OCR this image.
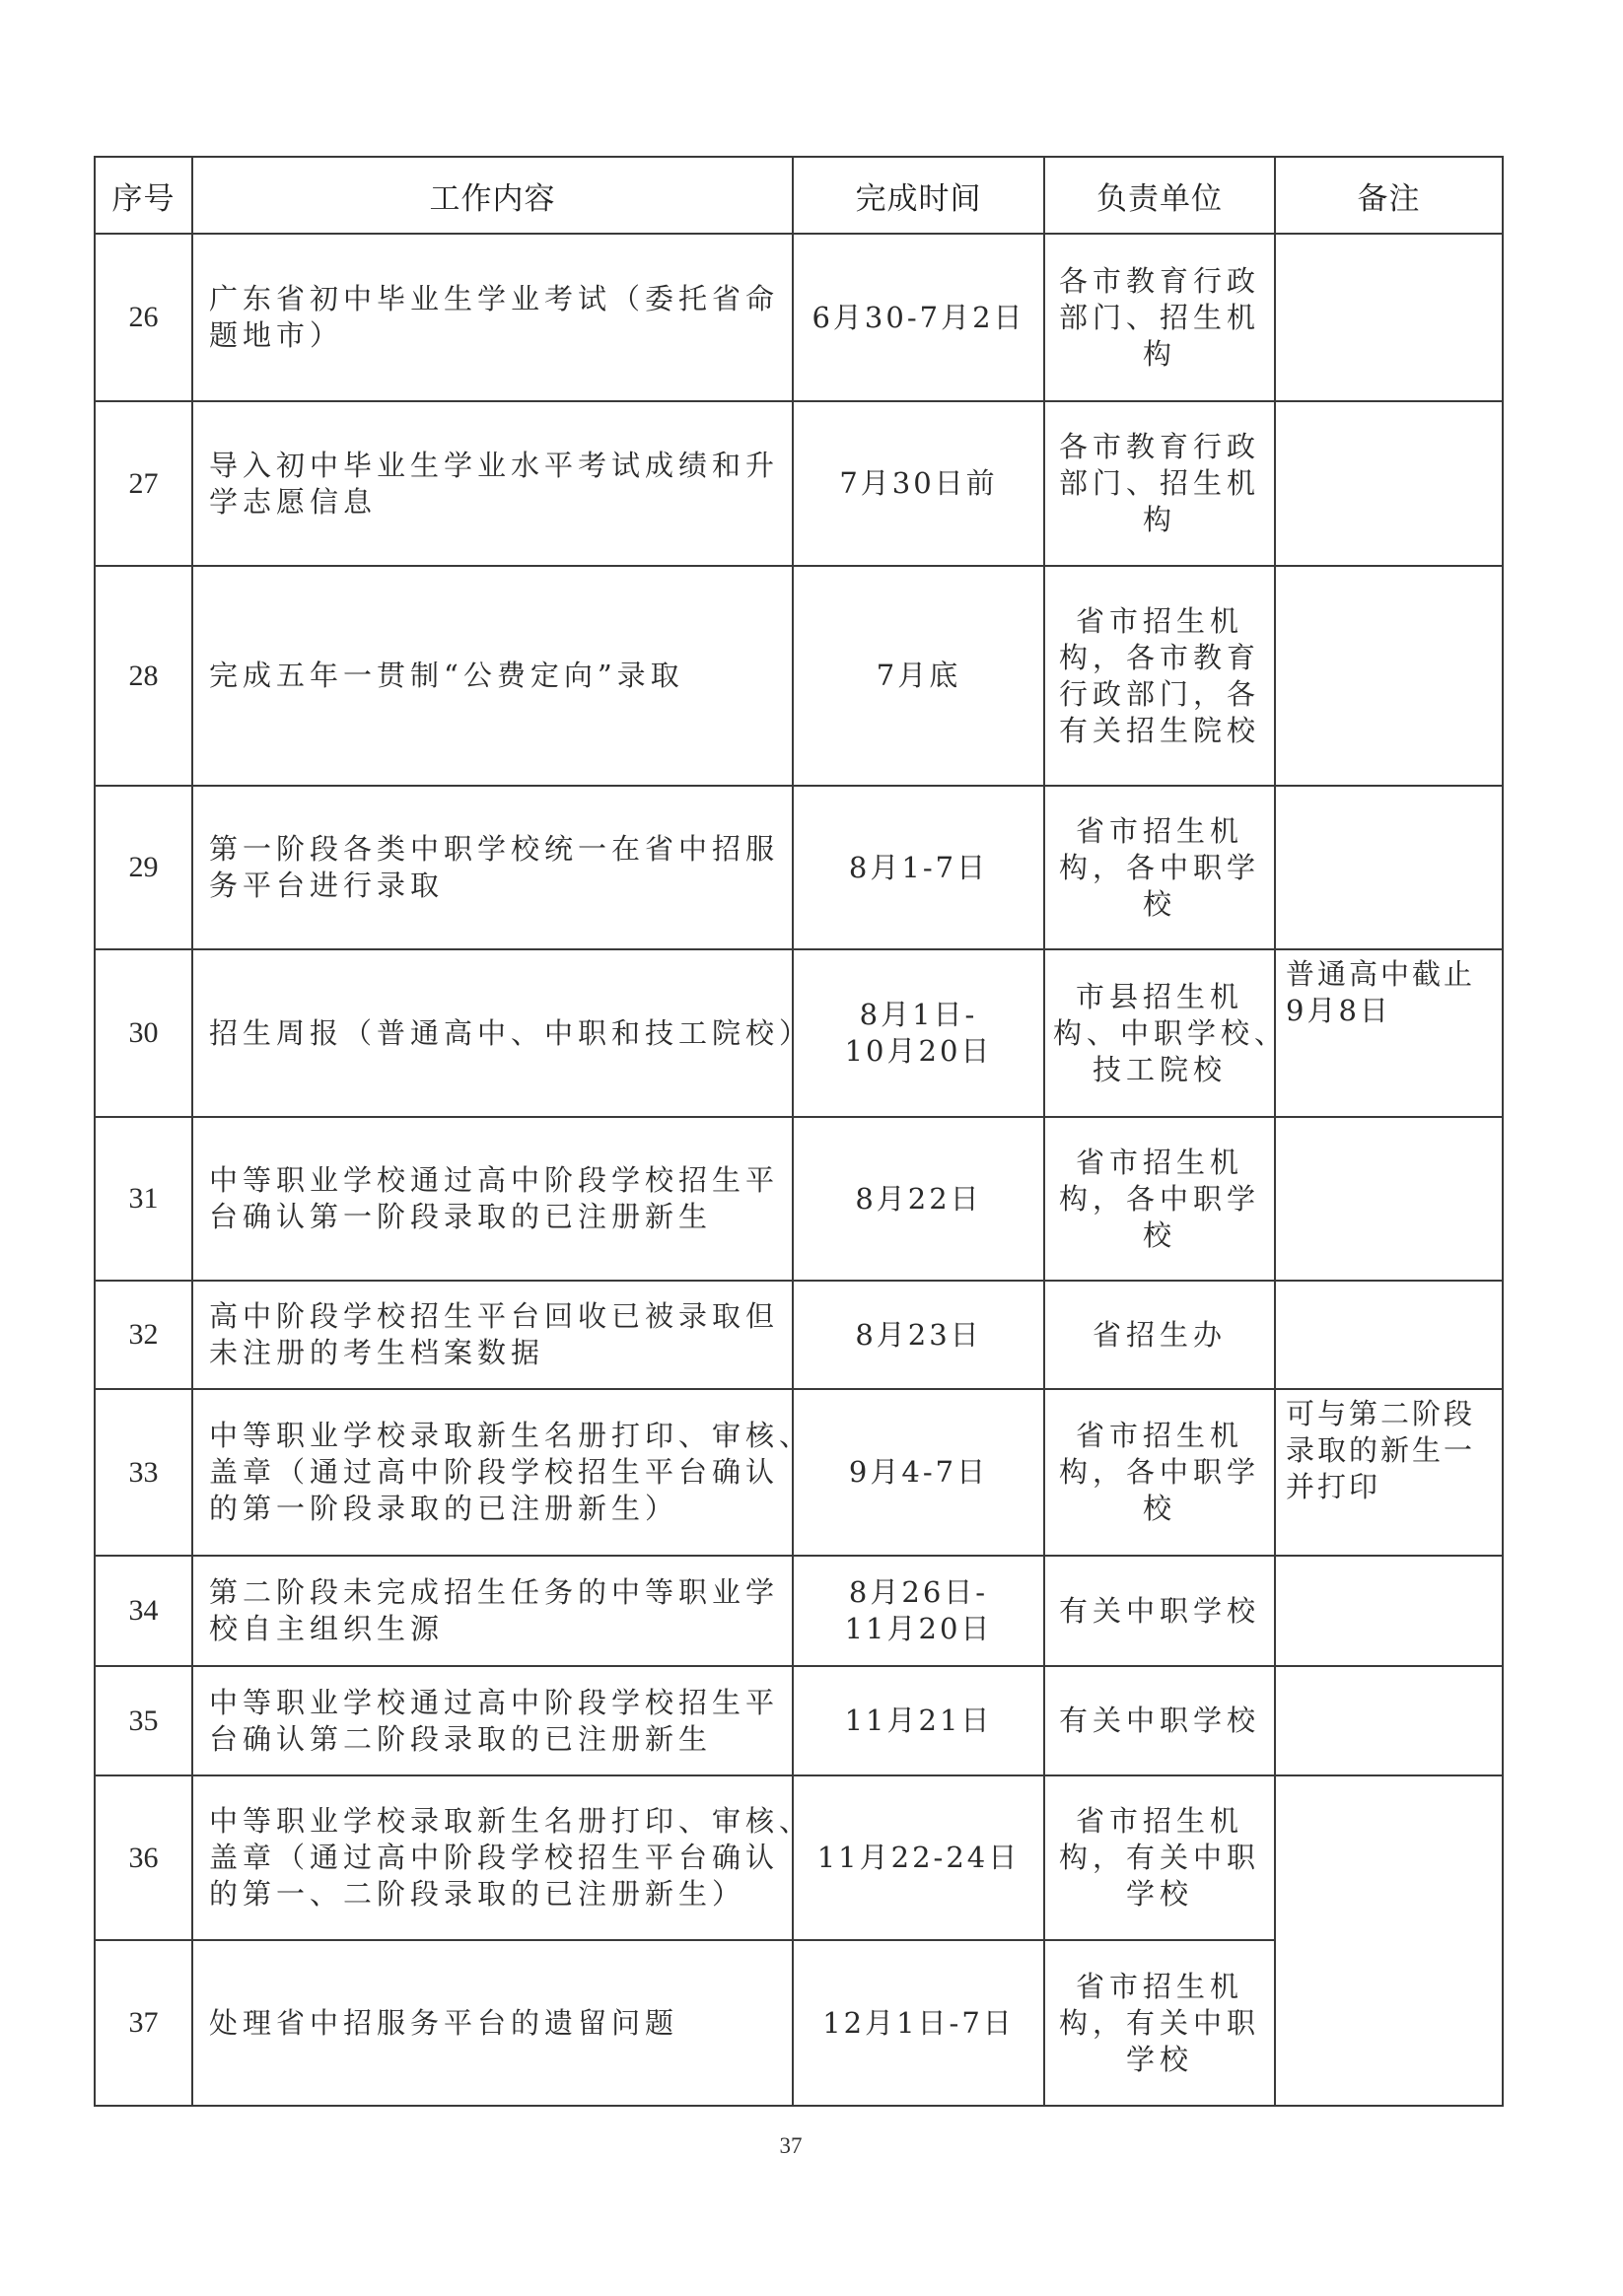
序号	工作内容	完成时间	负责单位	备注
26	广东省初中毕业生学业考试（委托省命
题地市）	6月30-7月2日	各市教育行政
部门、招生机
构	

27	导入初中毕业生学业水平考试成绩和升
学志愿信息	7月30日前	各市教育行政
部门、招生机
构	

28	完成五年一贯制“公费定向”录取	7月底	省市招生机
构，各市教育
行政部门，各
有关招生院校	

29	第一阶段各类中职学校统一在省中招服
务平台进行录取	8月1-7日	省市招生机
构，各中职学
校	

30	招生周报（普通高中、中职和技工院校）	8月1日-
10月20日	市县招生机
构、中职学校、
技工院校	普通高中截止
9月8日

31	中等职业学校通过高中阶段学校招生平
台确认第一阶段录取的已注册新生	8月22日	省市招生机
构，各中职学
校	

32	高中阶段学校招生平台回收已被录取但
未注册的考生档案数据	8月23日	省招生办	

33	中等职业学校录取新生名册打印、审核、
盖章（通过高中阶段学校招生平台确认
的第一阶段录取的已注册新生）	9月4-7日	省市招生机
构，各中职学
校	可与第二阶段
录取的新生一
并打印

34	第二阶段未完成招生任务的中等职业学
校自主组织生源	8月26日-
11月20日	有关中职学校	

35	中等职业学校通过高中阶段学校招生平
台确认第二阶段录取的已注册新生	11月21日	有关中职学校	

36	中等职业学校录取新生名册打印、审核、
盖章（通过高中阶段学校招生平台确认
的第一、二阶段录取的已注册新生）	11月22-24日	省市招生机
构，有关中职
学校	

37	处理省中招服务平台的遗留问题	12月1日-7日	省市招生机
构，有关中职
学校	
37
